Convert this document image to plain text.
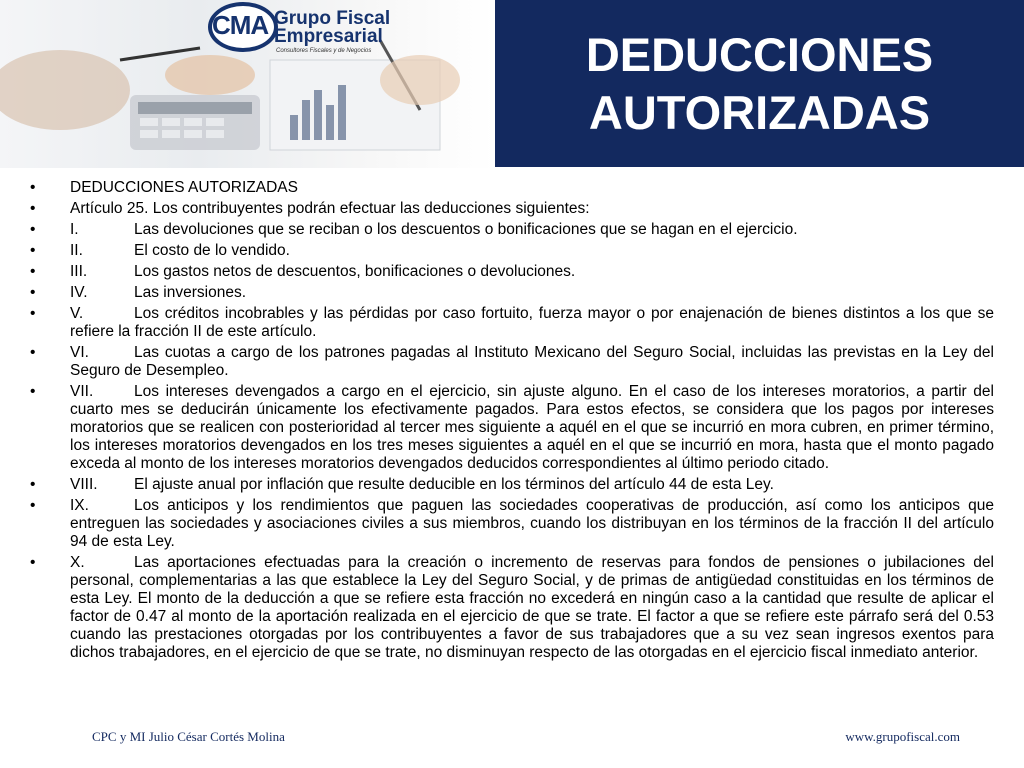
CMA Grupo Fiscal
Empresarial
Consultores Fiscales y de Negocios	DEDUCCIONES
AUTORIZADAS
• DEDUCCIONES AUTORIZADAS
• Artículo 25. Los contribuyentes podrán efectuar las deducciones siguientes:
• I.	Las devoluciones que se reciban o los descuentos o bonificaciones que se hagan en el ejercicio.
• II.	El costo de lo vendido.
• III.	Los gastos netos de descuentos, bonificaciones o devoluciones.
• IV.	Las inversiones.
• V.	Los créditos incobrables y las pérdidas por caso fortuito, fuerza mayor o por enajenación de bienes distintos a los que se refiere la fracción II de este artículo.
• VI.	Las cuotas a cargo de los patrones pagadas al Instituto Mexicano del Seguro Social, incluidas las previstas en la Ley del Seguro de Desempleo.
• VII.	Los intereses devengados a cargo en el ejercicio, sin ajuste alguno. En el caso de los intereses moratorios, a partir del cuarto mes se deducirán únicamente los efectivamente pagados. Para estos efectos, se considera que los pagos por intereses moratorios que se realicen con posterioridad al tercer mes siguiente a aquél en el que se incurrió en mora cubren, en primer término, los intereses moratorios devengados en los tres meses siguientes a aquél en el que se incurrió en mora, hasta que el monto pagado exceda al monto de los intereses moratorios devengados deducidos correspondientes al último periodo citado.
• VIII. El ajuste anual por inflación que resulte deducible en los términos del artículo 44 de esta Ley.
• IX.	Los anticipos y los rendimientos que paguen las sociedades cooperativas de producción, así como los anticipos que entreguen las sociedades y asociaciones civiles a sus miembros, cuando los distribuyan en los términos de la fracción II del artículo 94 de esta Ley.
• X.	Las aportaciones efectuadas para la creación o incremento de reservas para fondos de pensiones o jubilaciones del personal, complementarias a las que establece la Ley del Seguro Social, y de primas de antigüedad constituidas en los términos de esta Ley. El monto de la deducción a que se refiere esta fracción no excederá en ningún caso a la cantidad que resulte de aplicar el factor de 0.47 al monto de la aportación realizada en el ejercicio de que se trate. El factor a que se refiere este párrafo será del 0.53 cuando las prestaciones otorgadas por los contribuyentes a favor de sus trabajadores que a su vez sean ingresos exentos para dichos trabajadores, en el ejercicio de que se trate, no disminuyan respecto de las otorgadas en el ejercicio fiscal inmediato anterior.
CPC y MI Julio César Cortés Molina	www.grupofiscal.com
